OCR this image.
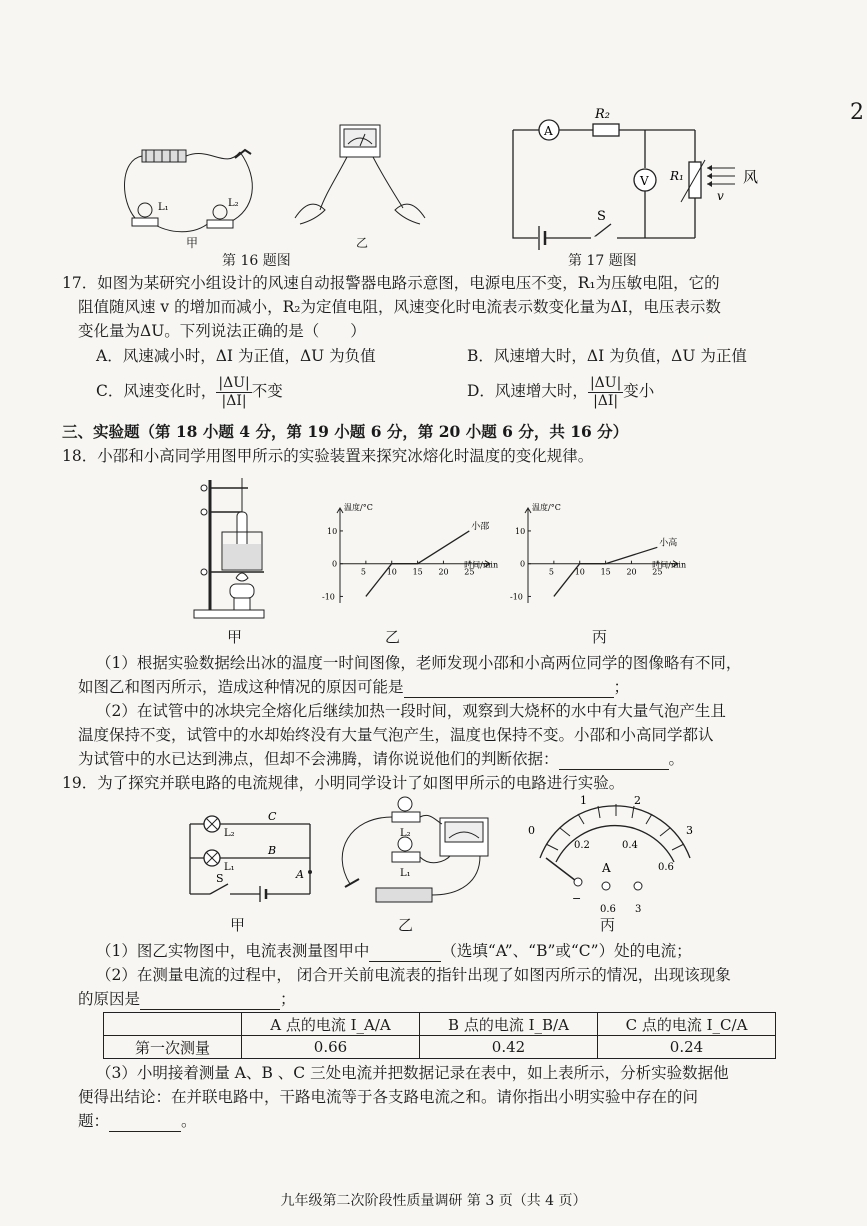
2
L₁	L₂
甲	乙
第 16 题图
A
R₂
V R₁	风
v
S
第 17 题图
17．如图为某研究小组设计的风速自动报警器电路示意图，电源电压不变，R₁为压敏电阻，它的
阻值随风速 v 的增加而减小，R₂为定值电阻，风速变化时电流表示数变化量为ΔI，电压表示数
变化量为ΔU。下列说法正确的是（　　）
A．风速减小时，ΔI 为正值，ΔU 为负值	B．风速增大时，ΔI 为负值，ΔU 为正值
C．风速变化时， $\frac{|\Delta U|}{|\Delta I|}$ 不变	D．风速增大时， $\frac{|\Delta U|}{|\Delta I|}$ 变小
三、实验题（第 18 小题 4 分，第 19 小题 6 分，第 20 小题 6 分，共 16 分）
18．小邵和小高同学用图甲所示的实验装置来探究冰熔化时温度的变化规律。
甲
温度/°C
时间/min
5	10 15 20 25
10
0
-10
小邵
乙
温度/°C
时间/min
5	10 15 20 25
10
0
-10
小高
丙
（1）根据实验数据绘出冰的温度一时间图像，老师发现小邵和小高两位同学的图像略有不同，
如图乙和图丙所示，造成这种情况的原因可能是	；
（2）在试管中的冰块完全熔化后继续加热一段时间，观察到大烧杯的水中有大量气泡产生且
温度保持不变，试管中的水却始终没有大量气泡产生，温度也保持不变。小邵和小高同学都认
为试管中的水已达到沸点，但却不会沸腾，请你说说他们的判断依据：	。
19．为了探究并联电路的电流规律，小明同学设计了如图甲所示的电路进行实验。
L₂
L₁
C
B
A
S
甲
L₂
L₁
乙
0
1	2
3
0.2	0.4
0.6
A
−
0.6 3
丙
（1）图乙实物图中，电流表测量图甲中	（选填“A”、“B”或“C”）处的电流；
（2）在测量电流的过程中， 闭合开关前电流表的指针出现了如图丙所示的情况，出现该现象
的原因是	；
	A 点的电流 I_A/A	B 点的电流 I_B/A	C 点的电流 I_C/A
第一次测量	0.66	0.42	0.24
（3）小明接着测量 A、B 、C 三处电流并把数据记录在表中，如上表所示，分析实验数据他
便得出结论：在并联电路中，干路电流等于各支路电流之和。请你指出小明实验中存在的问
题：	。
九年级第二次阶段性质量调研 第 3 页（共 4 页）
